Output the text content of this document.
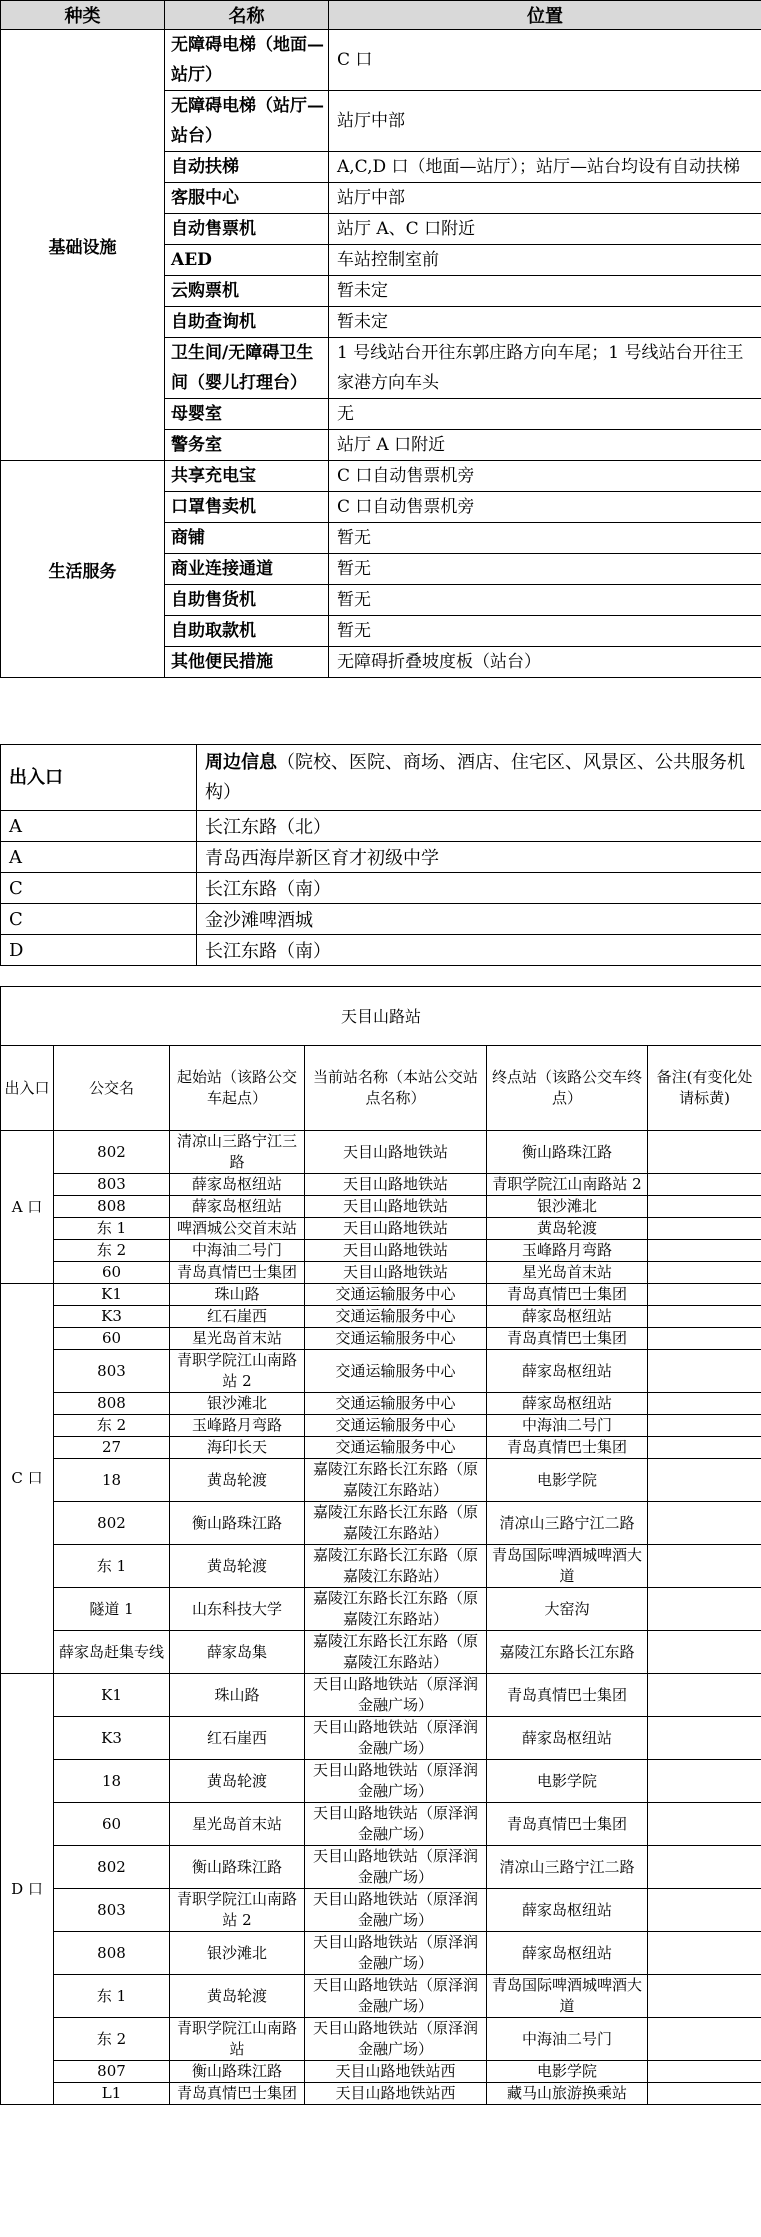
种类	名称	位置
基础设施	无障碍电梯（地面—站厅）	C 口
	无障碍电梯（站厅—站台）	站厅中部
	自动扶梯	A,C,D 口（地面—站厅）；站厅—站台均设有自动扶梯
	客服中心	站厅中部
	自动售票机	站厅 A、C 口附近
	AED	车站控制室前
	云购票机	暂未定
	自助查询机	暂未定
	卫生间/无障碍卫生间（婴儿打理台）	1 号线站台开往东郭庄路方向车尾；1 号线站台开往王家港方向车头
	母婴室	无
	警务室	站厅 A 口附近
生活服务	共享充电宝	C 口自动售票机旁
	口罩售卖机	C 口自动售票机旁
	商铺	暂无
	商业连接通道	暂无
	自助售货机	暂无
	自助取款机	暂无
	其他便民措施	无障碍折叠坡度板（站台）
出入口	周边信息（院校、医院、商场、酒店、住宅区、风景区、公共服务机构）
A	长江东路（北）
A	青岛西海岸新区育才初级中学
C	长江东路（南）
C	金沙滩啤酒城
D	长江东路（南）
天目山路站					
出入口	公交名	起始站（该路公交车起点）	当前站名称（本站公交站点名称）	终点站（该路公交车终点）	备注(有变化处请标黄)
A 口	802	清凉山三路宁江三路	天目山路地铁站	衡山路珠江路	
	803	薛家岛枢纽站	天目山路地铁站	青职学院江山南路站 2	
	808	薛家岛枢纽站	天目山路地铁站	银沙滩北	
	东 1	啤酒城公交首末站	天目山路地铁站	黄岛轮渡	
	东 2	中海油二号门	天目山路地铁站	玉峰路月弯路	
	60	青岛真情巴士集团	天目山路地铁站	星光岛首末站	
C 口	K1	珠山路	交通运输服务中心	青岛真情巴士集团	
	K3	红石崖西	交通运输服务中心	薛家岛枢纽站	
	60	星光岛首末站	交通运输服务中心	青岛真情巴士集团	
	803	青职学院江山南路站 2	交通运输服务中心	薛家岛枢纽站	
	808	银沙滩北	交通运输服务中心	薛家岛枢纽站	
	东 2	玉峰路月弯路	交通运输服务中心	中海油二号门	
	27	海印长天	交通运输服务中心	青岛真情巴士集团	
	18	黄岛轮渡	嘉陵江东路长江东路（原嘉陵江东路站）	电影学院	
	802	衡山路珠江路	嘉陵江东路长江东路（原嘉陵江东路站）	清凉山三路宁江二路	
	东 1	黄岛轮渡	嘉陵江东路长江东路（原嘉陵江东路站）	青岛国际啤酒城啤酒大道	
	隧道 1	山东科技大学	嘉陵江东路长江东路（原嘉陵江东路站）	大窑沟	
	薛家岛赶集专线	薛家岛集	嘉陵江东路长江东路（原嘉陵江东路站）	嘉陵江东路长江东路	
D 口	K1	珠山路	天目山路地铁站（原泽润金融广场）	青岛真情巴士集团	
	K3	红石崖西	天目山路地铁站（原泽润金融广场）	薛家岛枢纽站	
	18	黄岛轮渡	天目山路地铁站（原泽润金融广场）	电影学院	
	60	星光岛首末站	天目山路地铁站（原泽润金融广场）	青岛真情巴士集团	
	802	衡山路珠江路	天目山路地铁站（原泽润金融广场）	清凉山三路宁江二路	
	803	青职学院江山南路站 2	天目山路地铁站（原泽润金融广场）	薛家岛枢纽站	
	808	银沙滩北	天目山路地铁站（原泽润金融广场）	薛家岛枢纽站	
	东 1	黄岛轮渡	天目山路地铁站（原泽润金融广场）	青岛国际啤酒城啤酒大道	
	东 2	青职学院江山南路站	天目山路地铁站（原泽润金融广场）	中海油二号门	
	807	衡山路珠江路	天目山路地铁站西	电影学院	
	L1	青岛真情巴士集团	天目山路地铁站西	藏马山旅游换乘站	
